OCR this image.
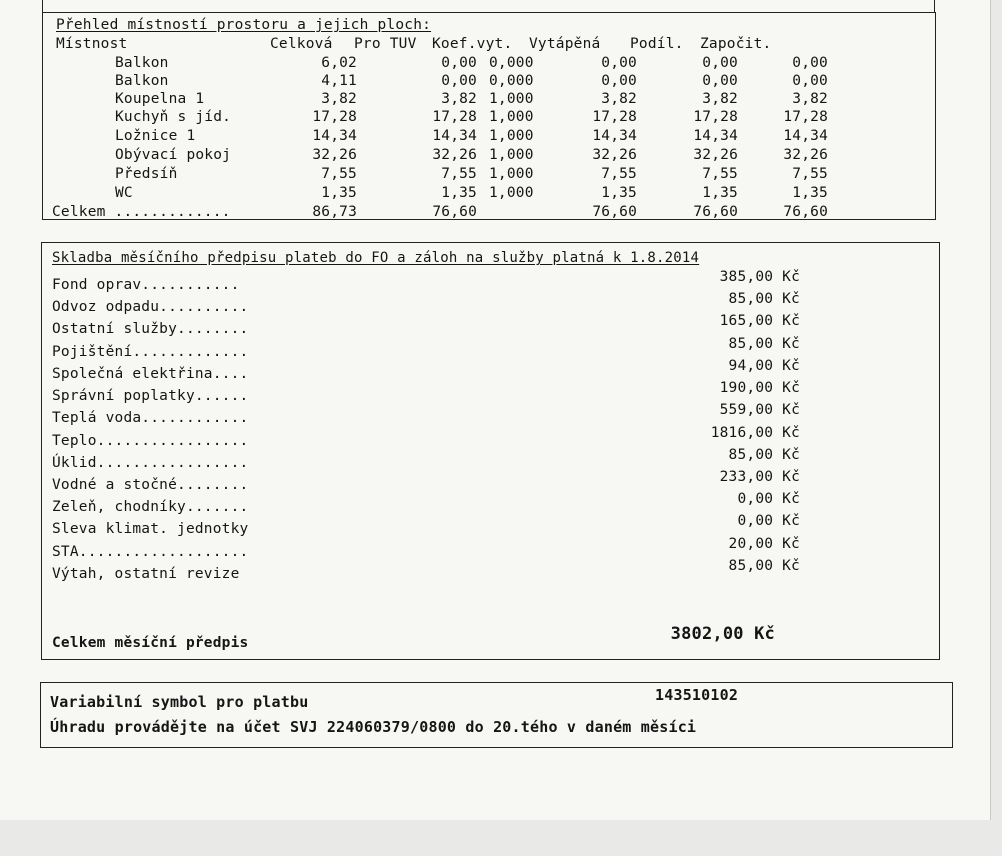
Přehled místností prostoru a jejich ploch:
Místnost	Celková Pro TUV Koef.vyt. Vytápěná Podíl. Započit.
Balkon	6,02	0,00 0,000	0,00	0,00	0,00
Balkon	4,11	0,00 0,000	0,00	0,00	0,00
Koupelna 1	3,82	3,82 1,000	3,82	3,82	3,82
Kuchyň s jíd.	17,28	17,28 1,000	17,28	17,28	17,28
Ložnice 1	14,34	14,34 1,000	14,34	14,34	14,34
Obývací pokoj	32,26	32,26 1,000	32,26	32,26	32,26
Předsíň	7,55	7,55 1,000	7,55	7,55	7,55
WC	1,35	1,35 1,000	1,35	1,35	1,35
Celkem .............	86,73	76,60	76,60	76,60	76,60
Skladba měsíčního předpisu plateb do FO a záloh na služby platná k 1.8.2014
Fond oprav...........	385,00 Kč
Odvoz odpadu..........	85,00 Kč
Ostatní služby........	165,00 Kč
Pojištění.............	85,00 Kč
Společná elektřina....	94,00 Kč
Správní poplatky......	190,00 Kč
Teplá voda............	559,00 Kč
Teplo.................	1816,00 Kč
Úklid.................	85,00 Kč
Vodné a stočné........	233,00 Kč
Zeleň, chodníky.......	0,00 Kč
Sleva klimat. jednotky	0,00 Kč
STA...................	20,00 Kč
Výtah, ostatní revize	85,00 Kč
Celkem měsíční předpis	3802,00 Kč
Variabilní symbol pro platbu	143510102
Úhradu provádějte na účet SVJ 224060379/0800 do 20.tého v daném měsíci
